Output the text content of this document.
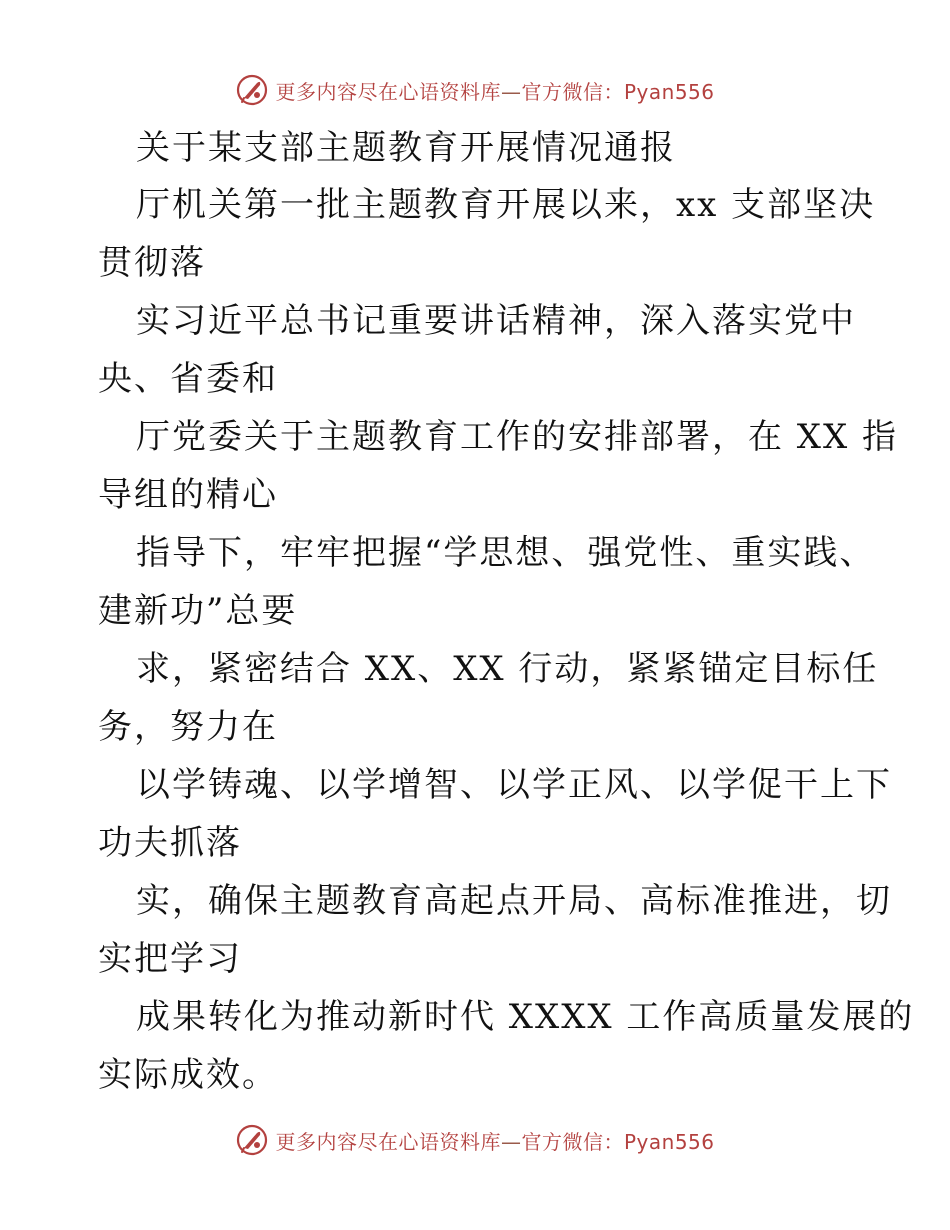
更多内容尽在心语资料库—官方微信：Pyan556
关于某支部主题教育开展情况通报
厅机关第一批主题教育开展以来，xx 支部坚决
贯彻落
实习近平总书记重要讲话精神，深入落实党中
央、省委和
厅党委关于主题教育工作的安排部署，在 XX 指
导组的精心
指导下，牢牢把握“学思想、强党性、重实践、
建新功”总要
求，紧密结合 XX、XX 行动，紧紧锚定目标任
务，努力在
以学铸魂、以学增智、以学正风、以学促干上下
功夫抓落
实，确保主题教育高起点开局、高标准推进，切
实把学习
成果转化为推动新时代 XXXX 工作高质量发展的
实际成效。
更多内容尽在心语资料库—官方微信：Pyan556
